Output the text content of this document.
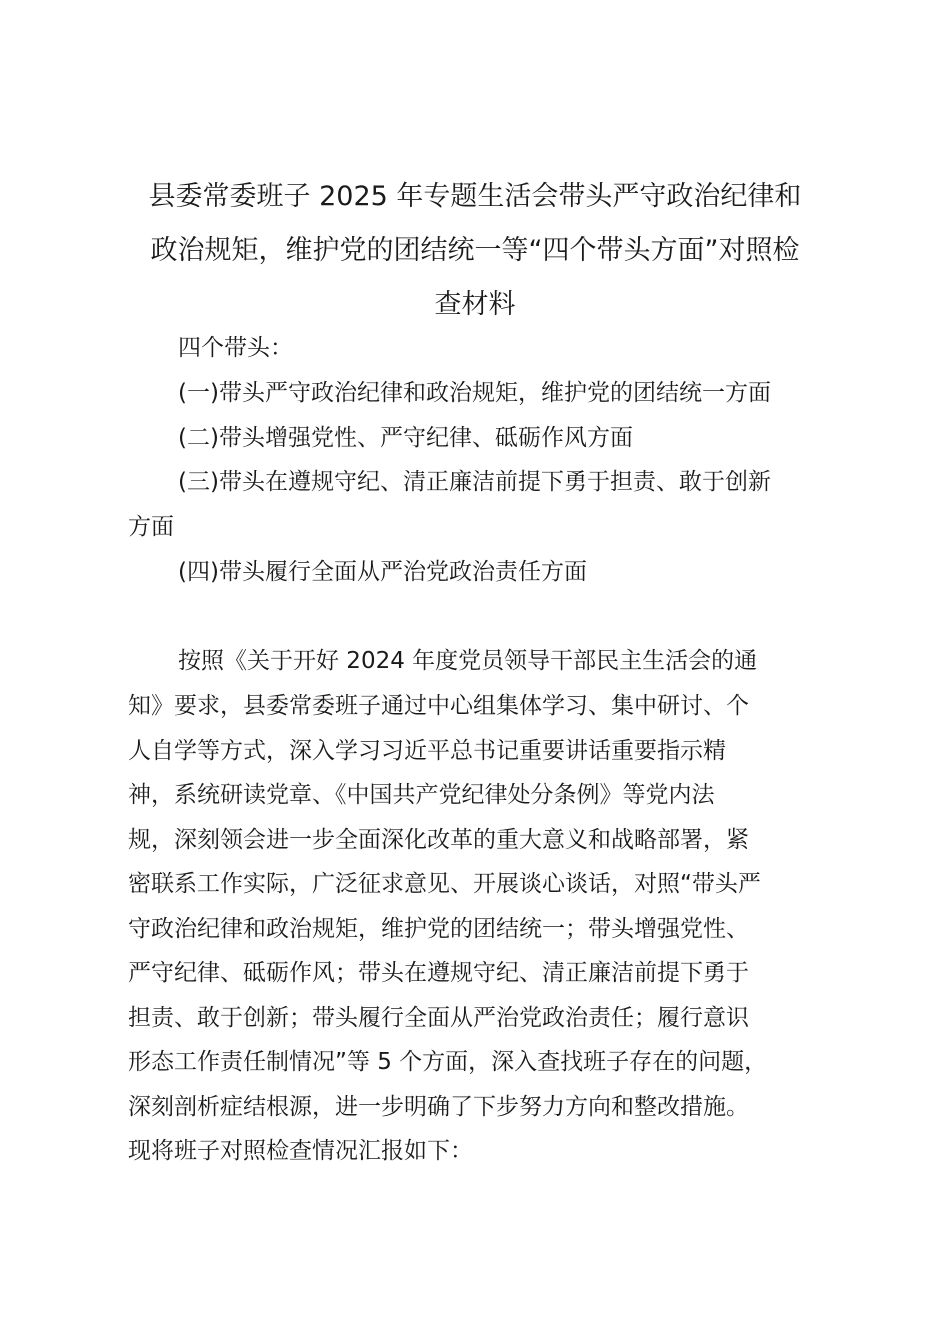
县委常委班子 2025 年专题生活会带头严守政治纪律和
政治规矩，维护党的团结统一等“四个带头方面”对照检
查材料
四个带头：
(一)带头严守政治纪律和政治规矩，维护党的团结统一方面
(二)带头增强党性、严守纪律、砥砺作风方面
(三)带头在遵规守纪、清正廉洁前提下勇于担责、敢于创新
方面
(四)带头履行全面从严治党政治责任方面
按照《关于开好 2024 年度党员领导干部民主生活会的通
知》要求，县委常委班子通过中心组集体学习、集中研讨、个
人自学等方式，深入学习习近平总书记重要讲话重要指示精
神，系统研读党章、《中国共产党纪律处分条例》等党内法
规，深刻领会进一步全面深化改革的重大意义和战略部署，紧
密联系工作实际，广泛征求意见、开展谈心谈话，对照“带头严
守政治纪律和政治规矩，维护党的团结统一；带头增强党性、
严守纪律、砥砺作风；带头在遵规守纪、清正廉洁前提下勇于
担责、敢于创新；带头履行全面从严治党政治责任；履行意识
形态工作责任制情况”等 5 个方面，深入查找班子存在的问题，
深刻剖析症结根源，进一步明确了下步努力方向和整改措施。
现将班子对照检查情况汇报如下：
